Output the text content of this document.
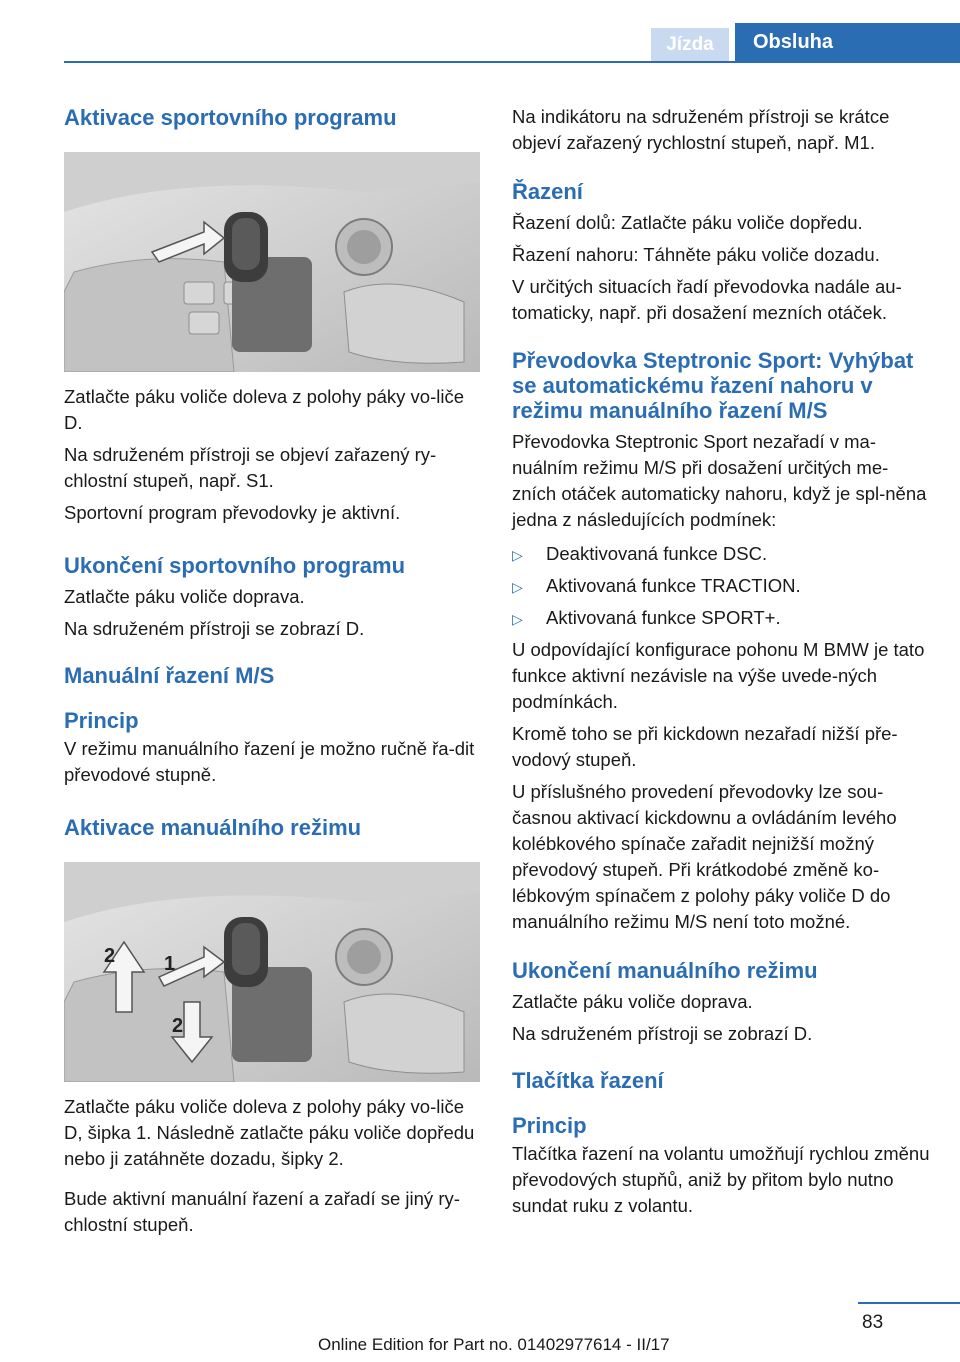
Jízda	Obsluha
Aktivace sportovního programu

Zatlačte páku voliče doleva z polohy páky vo-liče D.

Na sdruženém přístroji se objeví zařazený ry-chlostní stupeň, např. S1.

Sportovní program převodovky je aktivní.

Ukončení sportovního programu

Zatlačte páku voliče doprava.

Na sdruženém přístroji se zobrazí D.

Manuální řazení M/S
Princip

V režimu manuálního řazení je možno ručně řa-dit převodové stupně.

Aktivace manuálního režimu
2 1
2

Zatlačte páku voliče doleva z polohy páky vo-liče D, šipka 1. Následně zatlačte páku voliče dopředu nebo ji zatáhněte dozadu, šipky 2.

Bude aktivní manuální řazení a zařadí se jiný ry-chlostní stupeň.

Na indikátoru na sdruženém přístroji se krátce objeví zařazený rychlostní stupeň, např. M1.

Řazení

Řazení dolů: Zatlačte páku voliče dopředu.

Řazení nahoru: Táhněte páku voliče dozadu.

V určitých situacích řadí převodovka nadále au-tomaticky, např. při dosažení mezních otáček.

Převodovka Steptronic Sport: Vyhýbat se automatickému řazení nahoru v režimu manuálního řazení M/S

Převodovka Steptronic Sport nezařadí v ma-nuálním režimu M/S při dosažení určitých me-zních otáček automaticky nahoru, když je spl-něna jedna z následujících podmínek:

▷	Deaktivovaná funkce DSC.
▷	Aktivovaná funkce TRACTION.
▷	Aktivovaná funkce SPORT+.

U odpovídající konfigurace pohonu M BMW je tato funkce aktivní nezávisle na výše uvede-ných podmínkách.

Kromě toho se při kickdown nezařadí nižší pře-vodový stupeň.

U příslušného provedení převodovky lze sou-časnou aktivací kickdownu a ovládáním levého kolébkového spínače zařadit nejnižší možný převodový stupeň. Při krátkodobé změně ko-lébkovým spínačem z polohy páky voliče D do manuálního režimu M/S není toto možné.

Ukončení manuálního režimu

Zatlačte páku voliče doprava.

Na sdruženém přístroji se zobrazí D.

Tlačítka řazení
Princip

Tlačítka řazení na volantu umožňují rychlou změnu převodových stupňů, aniž by přitom bylo nutno sundat ruku z volantu.

83
Online Edition for Part no. 01402977614 - II/17
